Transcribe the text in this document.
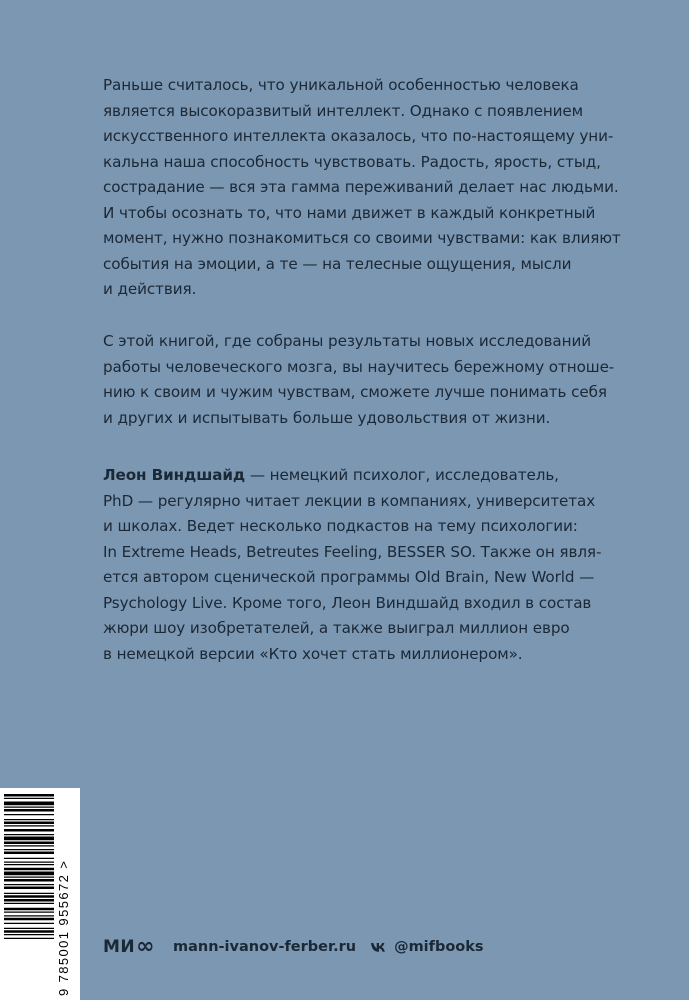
Раньше считалось, что уникальной особенностью человека
является высокоразвитый интеллект. Однако с появлением
искусственного интеллекта оказалось, что по-настоящему уни-
кальна наша способность чувствовать. Радость, ярость, стыд,
сострадание — вся эта гамма переживаний делает нас людьми.
И чтобы осознать то, что нами движет в каждый конкретный
момент, нужно познакомиться со своими чувствами: как влияют
события на эмоции, а те — на телесные ощущения, мысли
и действия.
С этой книгой, где собраны результаты новых исследований
работы человеческого мозга, вы научитесь бережному отноше-
нию к своим и чужим чувствам, сможете лучше понимать себя
и других и испытывать больше удовольствия от жизни.
Леон Виндшайд — немецкий психолог, исследователь,
PhD — регулярно читает лекции в компаниях, университетах
и школах. Ведет несколько подкастов на тему психологии:
In Extreme Heads, Betreutes Feeling, BESSER SO. Также он явля-
ется автором сценической программы Old Brain, New World —
Psychology Live. Кроме того, Леон Виндшайд входил в состав
жюри шоу изобретателей, а также выиграл миллион евро
в немецкой версии «Кто хочет стать миллионером».
9 785001 955672 > МИ ∞ mann-ivanov-ferber.ru	@mifbooks
